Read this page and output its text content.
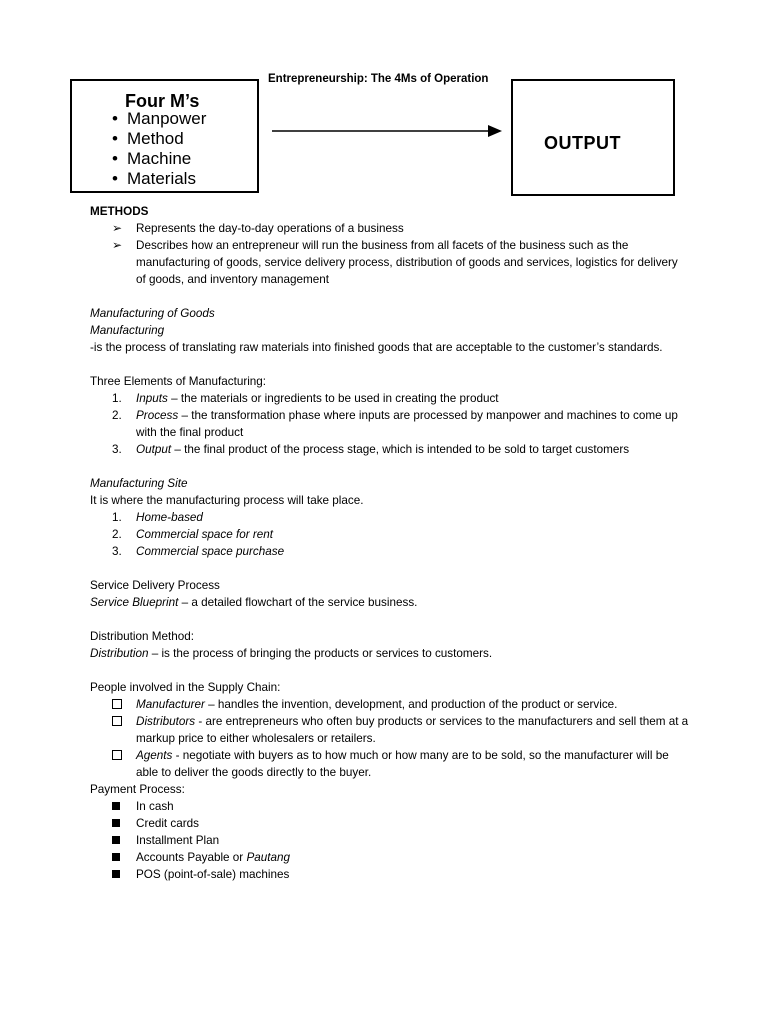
Entrepreneurship: The 4Ms of Operation
Four M’s
• Manpower
• Method
• Machine
• Materials
OUTPUT

METHODS

➢ Represents the day-to-day operations of a business
➢ Describes how an entrepreneur will run the business from all facets of the business such as the manufacturing of goods, service delivery process, distribution of goods and services, logistics for delivery of goods, and inventory management

Manufacturing of Goods

Manufacturing

-is the process of translating raw materials into finished goods that are acceptable to the customer’s standards.

Three Elements of Manufacturing:

1. Inputs – the materials or ingredients to be used in creating the product
2. Process – the transformation phase where inputs are processed by manpower and machines to come up with the final product
3. Output – the final product of the process stage, which is intended to be sold to target customers

Manufacturing Site

It is where the manufacturing process will take place.

1. Home-based
2. Commercial space for rent
3. Commercial space purchase

Service Delivery Process

Service Blueprint – a detailed flowchart of the service business.

Distribution Method:

Distribution – is the process of bringing the products or services to customers.

People involved in the Supply Chain:

Manufacturer – handles the invention, development, and production of the product or service.
Distributors - are entrepreneurs who often buy products or services to the manufacturers and sell them at a markup price to either wholesalers or retailers.
Agents - negotiate with buyers as to how much or how many are to be sold, so the manufacturer will be able to deliver the goods directly to the buyer.

Payment Process:

In cash
Credit cards
Installment Plan
Accounts Payable or Pautang
POS (point-of-sale) machines
